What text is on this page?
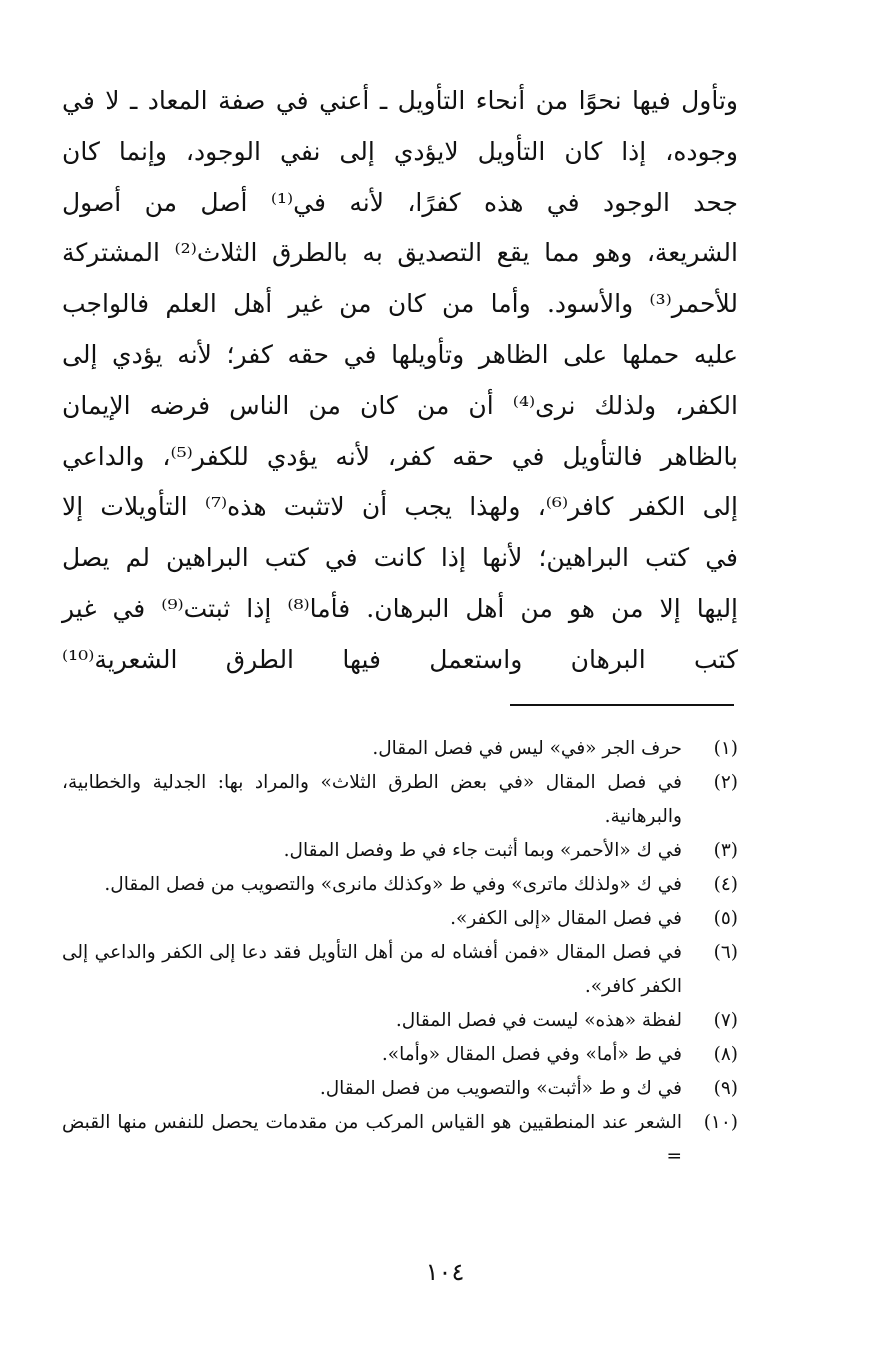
وتأول فيها نحوًا من أنحاء التأويل ـ أعني في صفة المعاد ـ لا في
وجوده، إذا كان التأويل لايؤدي إلى نفي الوجود، وإنما كان
جحد الوجود في هذه كفرًا، لأنه في⁽¹⁾ أصل من أصول
الشريعة، وهو مما يقع التصديق به بالطرق الثلاث⁽²⁾ المشتركة
للأحمر⁽³⁾ والأسود. وأما من كان من غير أهل العلم فالواجب
عليه حملها على الظاهر وتأويلها في حقه كفر؛ لأنه يؤدي إلى
الكفر، ولذلك نرى⁽⁴⁾ أن من كان من الناس فرضه الإيمان
بالظاهر فالتأويل في حقه كفر، لأنه يؤدي للكفر⁽⁵⁾، والداعي
إلى الكفر كافر⁽⁶⁾، ولهذا يجب أن لاتثبت هذه⁽⁷⁾ التأويلات إلا
في كتب البراهين؛ لأنها إذا كانت في كتب البراهين لم يصل
إليها إلا من هو من أهل البرهان. فأما⁽⁸⁾ إذا ثبتت⁽⁹⁾ في غير
كتب البرهان واستعمل فيها الطرق الشعرية⁽¹⁰⁾
(١)
حرف الجر «في» ليس في فصل المقال.
(٢)
في فصل المقال «في بعض الطرق الثلاث» والمراد بها: الجدلية والخطابية، والبرهانية.
(٣)
في ك «الأحمر» وبما أثبت جاء في ط وفصل المقال.
(٤)
في ك «ولذلك ماترى» وفي ط «وكذلك مانرى» والتصويب من فصل المقال.
(٥)
في فصل المقال «إلى الكفر».
(٦)
في فصل المقال «فمن أفشاه له من أهل التأويل فقد دعا إلى الكفر والداعي إلى الكفر كافر».
(٧)
لفظة «هذه» ليست في فصل المقال.
(٨)
في ط «أما» وفي فصل المقال «وأما».
(٩)
في ك و ط «أثبت» والتصويب من فصل المقال.
(١٠)
الشعر عند المنطقيين هو القياس المركب من مقدمات يحصل للنفس منها القبض =
١٠٤
